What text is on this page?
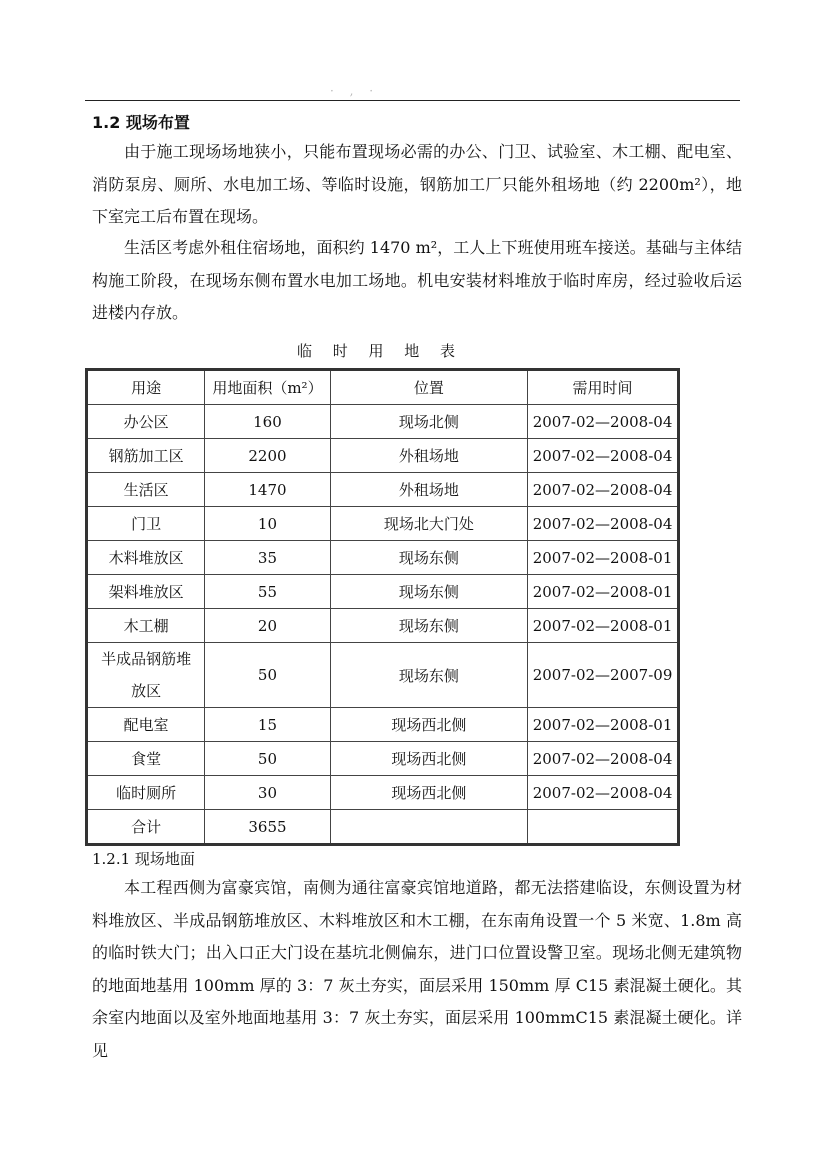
· , ·
1.2 现场布置
由于施工现场场地狭小，只能布置现场必需的办公、门卫、试验室、木工棚、配电室、消防泵房、厕所、水电加工场、等临时设施，钢筋加工厂只能外租场地（约 2200m²），地下室完工后布置在现场。
生活区考虑外租住宿场地，面积约 1470 m²，工人上下班使用班车接送。基础与主体结构施工阶段，在现场东侧布置水电加工场地。机电安装材料堆放于临时库房，经过验收后运进楼内存放。
临 时 用 地 表
用途	用地面积（m²）	位置	需用时间
办公区	160	现场北侧	2007-02—2008-04
钢筋加工区	2200	外租场地	2007-02—2008-04
生活区	1470	外租场地	2007-02—2008-04
门卫	10	现场北大门处	2007-02—2008-04
木料堆放区	35	现场东侧	2007-02—2008-01
架料堆放区	55	现场东侧	2007-02—2008-01
木工棚	20	现场东侧	2007-02—2008-01
半成品钢筋堆放区	50	现场东侧	2007-02—2007-09
配电室	15	现场西北侧	2007-02—2008-01
食堂	50	现场西北侧	2007-02—2008-04
临时厕所	30	现场西北侧	2007-02—2008-04
合计	3655		
1.2.1 现场地面
本工程西侧为富豪宾馆，南侧为通往富豪宾馆地道路，都无法搭建临设，东侧设置为材料堆放区、半成品钢筋堆放区、木料堆放区和木工棚，在东南角设置一个 5 米宽、1.8m 高的临时铁大门；出入口正大门设在基坑北侧偏东，进门口位置设警卫室。现场北侧无建筑物的地面地基用 100mm 厚的 3：7 灰土夯实，面层采用 150mm 厚 C15 素混凝土硬化。其余室内地面以及室外地面地基用 3：7 灰土夯实，面层采用 100mmC15 素混凝土硬化。详见
